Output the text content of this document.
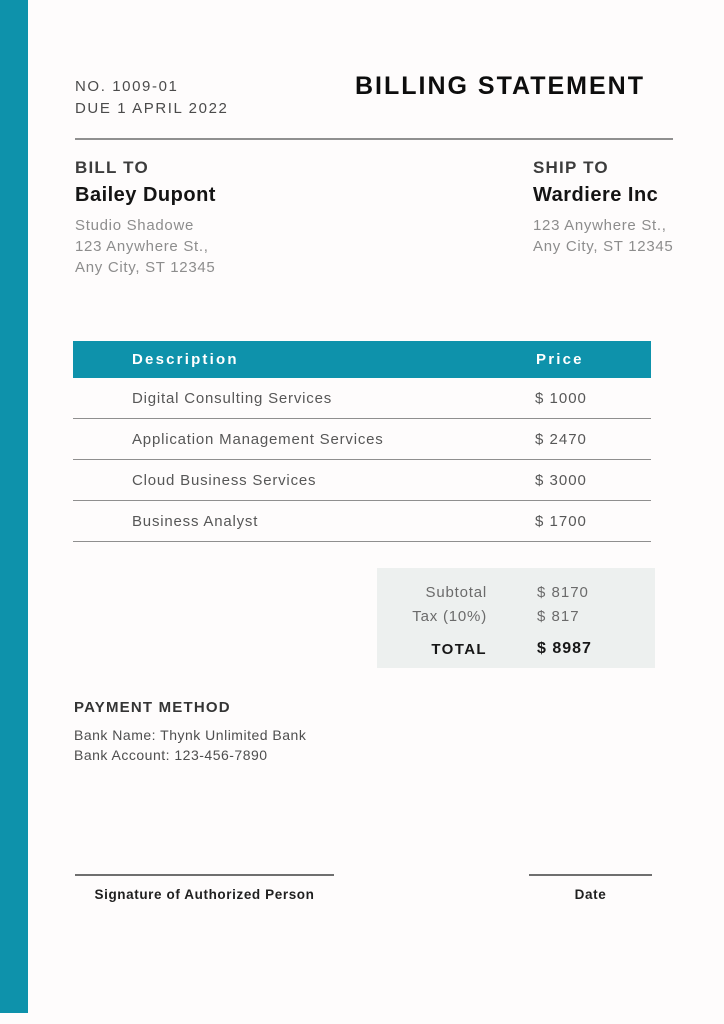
NO. 1009-01
DUE 1 APRIL 2022
BILLING STATEMENT
BILL TO
Bailey Dupont
Studio Shadowe
123 Anywhere St.,
Any City, ST 12345
SHIP TO
Wardiere Inc
123 Anywhere St.,
Any City, ST 12345
Description	Price
Digital Consulting Services	$ 1000
Application Management Services	$ 2470
Cloud Business Services	$ 3000
Business Analyst	$ 1700
Subtotal	$ 8170
Tax (10%)	$ 817
TOTAL	$ 8987
PAYMENT METHOD
Bank Name: Thynk Unlimited Bank
Bank Account: 123-456-7890
Signature of Authorized Person	Date
